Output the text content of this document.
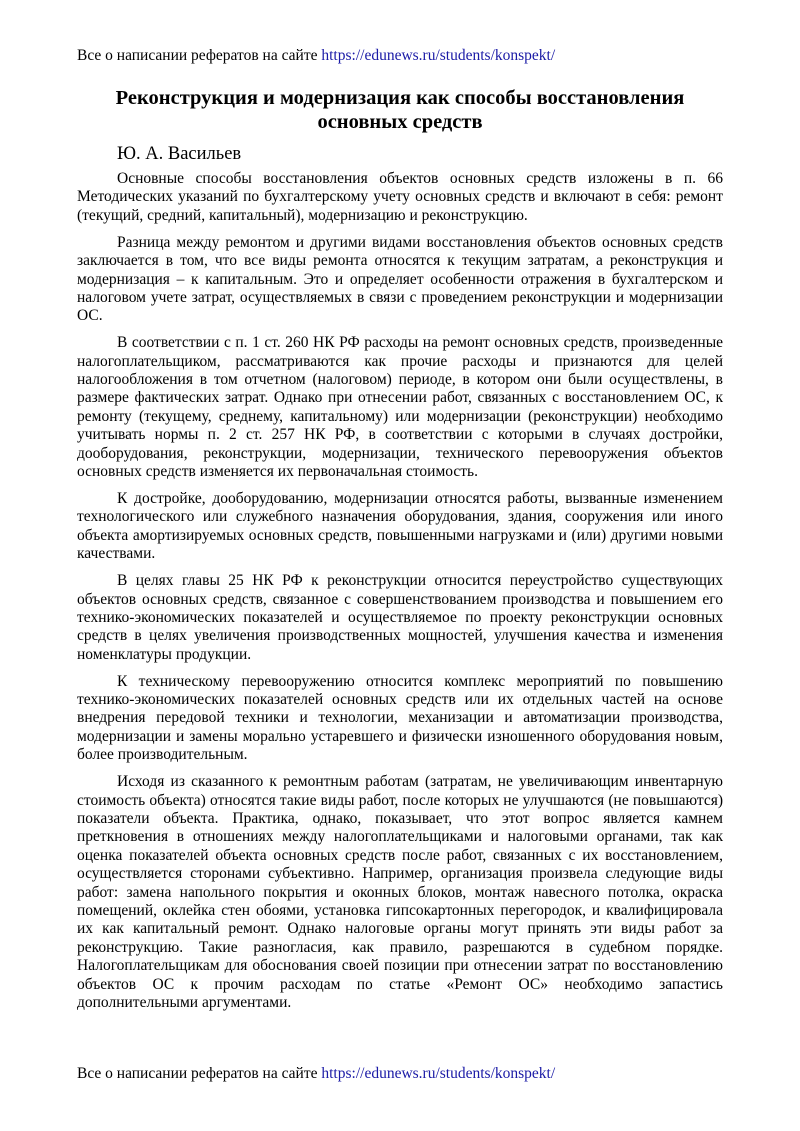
Все о написании рефератов на сайте https://edunews.ru/students/konspekt/
Реконструкция и модернизация как способы восстановления основных средств
Ю. А. Васильев

Основные способы восстановления объектов основных средств изложены в п. 66 Методических указаний по бухгалтерскому учету основных средств и включают в себя: ремонт (текущий, средний, капитальный), модернизацию и реконструкцию.

Разница между ремонтом и другими видами восстановления объектов основных средств заключается в том, что все виды ремонта относятся к текущим затратам, а реконструкция и модернизация – к капитальным. Это и определяет особенности отражения в бухгалтерском и налоговом учете затрат, осуществляемых в связи с проведением реконструкции и модернизации ОС.

В соответствии с п. 1 ст. 260 НК РФ расходы на ремонт основных средств, произведенные налогоплательщиком, рассматриваются как прочие расходы и признаются для целей налогообложения в том отчетном (налоговом) периоде, в котором они были осуществлены, в размере фактических затрат. Однако при отнесении работ, связанных с восстановлением ОС, к ремонту (текущему, среднему, капитальному) или модернизации (реконструкции) необходимо учитывать нормы п. 2 ст. 257 НК РФ, в соответствии с которыми в случаях достройки, дооборудования, реконструкции, модернизации, технического перевооружения объектов основных средств изменяется их первоначальная стоимость.

К достройке, дооборудованию, модернизации относятся работы, вызванные изменением технологического или служебного назначения оборудования, здания, сооружения или иного объекта амортизируемых основных средств, повышенными нагрузками и (или) другими новыми качествами.

В целях главы 25 НК РФ к реконструкции относится переустройство существующих объектов основных средств, связанное с совершенствованием производства и повышением его технико-экономических показателей и осуществляемое по проекту реконструкции основных средств в целях увеличения производственных мощностей, улучшения качества и изменения номенклатуры продукции.

К техническому перевооружению относится комплекс мероприятий по повышению технико-экономических показателей основных средств или их отдельных частей на основе внедрения передовой техники и технологии, механизации и автоматизации производства, модернизации и замены морально устаревшего и физически изношенного оборудования новым, более производительным.

Исходя из сказанного к ремонтным работам (затратам, не увеличивающим инвентарную стоимость объекта) относятся такие виды работ, после которых не улучшаются (не повышаются) показатели объекта. Практика, однако, показывает, что этот вопрос является камнем преткновения в отношениях между налогоплательщиками и налоговыми органами, так как оценка показателей объекта основных средств после работ, связанных с их восстановлением, осуществляется сторонами субъективно. Например, организация произвела следующие виды работ: замена напольного покрытия и оконных блоков, монтаж навесного потолка, окраска помещений, оклейка стен обоями, установка гипсокартонных перегородок, и квалифицировала их как капитальный ремонт. Однако налоговые органы могут принять эти виды работ за реконструкцию. Такие разногласия, как правило, разрешаются в судебном порядке. Налогоплательщикам для обоснования своей позиции при отнесении затрат по восстановлению объектов ОС к прочим расходам по статье «Ремонт ОС» необходимо запастись дополнительными аргументами.

Все о написании рефератов на сайте https://edunews.ru/students/konspekt/
